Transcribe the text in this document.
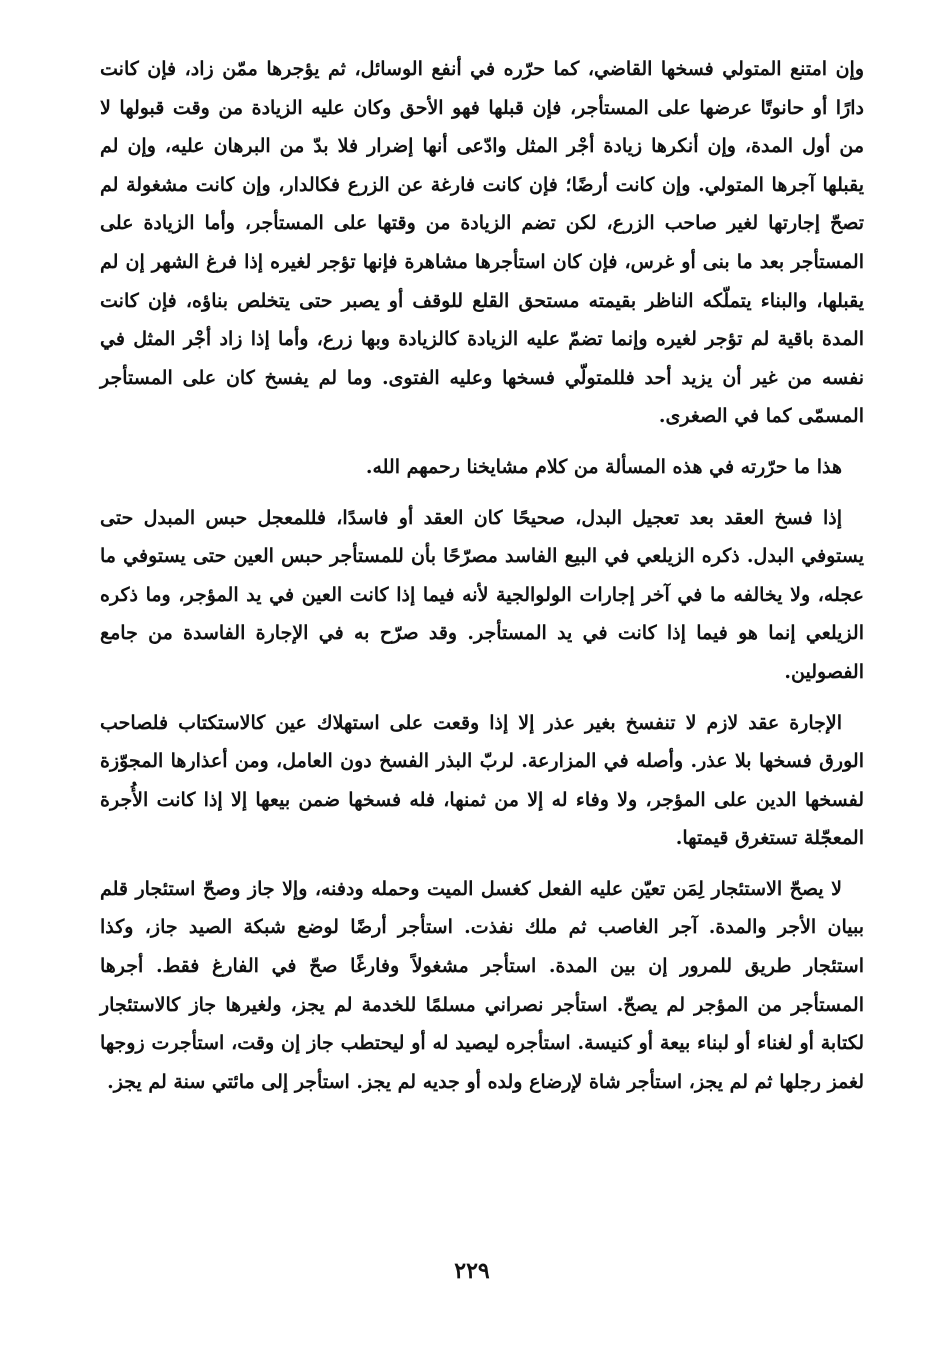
وإن امتنع المتولي فسخها القاضي، كما حرّره في أنفع الوسائل، ثم يؤجرها ممّن زاد، فإن كانت دارًا أو حانوتًا عرضها على المستأجر، فإن قبلها فهو الأحق وكان عليه الزيادة من وقت قبولها لا من أول المدة، وإن أنكرها زيادة أجْر المثل وادّعى أنها إضرار فلا بدّ من البرهان عليه، وإن لم يقبلها آجرها المتولي. وإن كانت أرضًا؛ فإن كانت فارغة عن الزرع فكالدار، وإن كانت مشغولة لم تصحّ إجارتها لغير صاحب الزرع، لكن تضم الزيادة من وقتها على المستأجر، وأما الزيادة على المستأجر بعد ما بنى أو غرس، فإن كان استأجرها مشاهرة فإنها تؤجر لغيره إذا فرغ الشهر إن لم يقبلها، والبناء يتملّكه الناظر بقيمته مستحق القلع للوقف أو يصبر حتى يتخلص بناؤه، فإن كانت المدة باقية لم تؤجر لغيره وإنما تضمّ عليه الزيادة كالزيادة وبها زرع، وأما إذا زاد أجْر المثل في نفسه من غير أن يزيد أحد فللمتولّي فسخها وعليه الفتوى. وما لم يفسخ كان على المستأجر المسمّى كما في الصغرى.

هذا ما حرّرته في هذه المسألة من كلام مشايخنا رحمهم الله.

إذا فسخ العقد بعد تعجيل البدل، صحيحًا كان العقد أو فاسدًا، فللمعجل حبس المبدل حتى يستوفي البدل. ذكره الزيلعي في البيع الفاسد مصرّحًا بأن للمستأجر حبس العين حتى يستوفي ما عجله، ولا يخالفه ما في آخر إجارات الولوالجية لأنه فيما إذا كانت العين في يد المؤجر، وما ذكره الزيلعي إنما هو فيما إذا كانت في يد المستأجر. وقد صرّح به في الإجارة الفاسدة من جامع الفصولين.

الإجارة عقد لازم لا تنفسخ بغير عذر إلا إذا وقعت على استهلاك عين كالاستكتاب فلصاحب الورق فسخها بلا عذر. وأصله في المزارعة. لربّ البذر الفسخ دون العامل، ومن أعذارها المجوّزة لفسخها الدين على المؤجر، ولا وفاء له إلا من ثمنها، فله فسخها ضمن بيعها إلا إذا كانت الأُجرة المعجّلة تستغرق قيمتها.

لا يصحّ الاستئجار لِمَن تعيّن عليه الفعل كغسل الميت وحمله ودفنه، وإلا جاز وصحّ استئجار قلم ببيان الأجر والمدة. آجر الغاصب ثم ملك نفذت. استأجر أرضًا لوضع شبكة الصيد جاز، وكذا استئجار طريق للمرور إن بين المدة. استأجر مشغولاً وفارغًا صحّ في الفارغ فقط. أجرها المستأجر من المؤجر لم يصحّ. استأجر نصراني مسلمًا للخدمة لم يجز، ولغيرها جاز كالاستئجار لكتابة أو لغناء أو لبناء بيعة أو كنيسة. استأجره ليصيد له أو ليحتطب جاز إن وقت، استأجرت زوجها لغمز رجلها ثم لم يجز، استأجر شاة لإرضاع ولده أو جديه لم يجز. استأجر إلى مائتي سنة لم يجز.

٢٢٩
